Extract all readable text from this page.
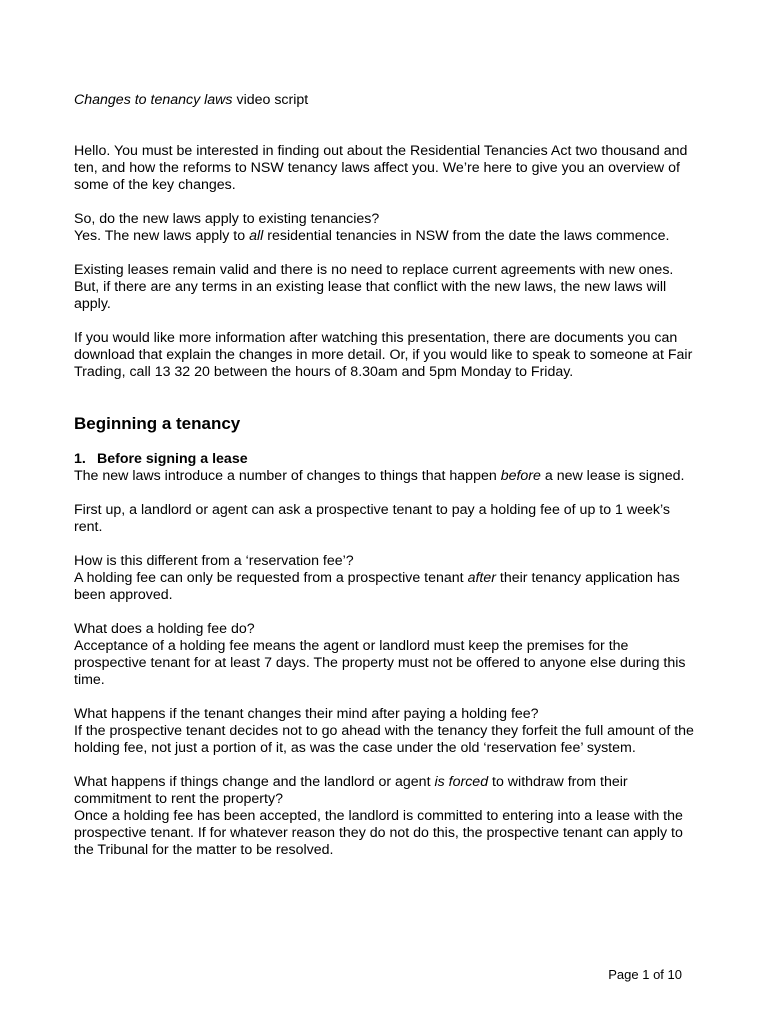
Changes to tenancy laws video script

Hello. You must be interested in finding out about the Residential Tenancies Act two thousand and ten, and how the reforms to NSW tenancy laws affect you. We’re here to give you an overview of some of the key changes.

So, do the new laws apply to existing tenancies?

Yes. The new laws apply to all residential tenancies in NSW from the date the laws commence.

Existing leases remain valid and there is no need to replace current agreements with new ones. But, if there are any terms in an existing lease that conflict with the new laws, the new laws will apply.

If you would like more information after watching this presentation, there are documents you can download that explain the changes in more detail. Or, if you would like to speak to someone at Fair Trading, call 13 32 20 between the hours of 8.30am and 5pm Monday to Friday.

Beginning a tenancy

1. Before signing a lease

The new laws introduce a number of changes to things that happen before a new lease is signed.

First up, a landlord or agent can ask a prospective tenant to pay a holding fee of up to 1 week’s rent.

How is this different from a ‘reservation fee’?

A holding fee can only be requested from a prospective tenant after their tenancy application has been approved.

What does a holding fee do?

Acceptance of a holding fee means the agent or landlord must keep the premises for the prospective tenant for at least 7 days. The property must not be offered to anyone else during this time.

What happens if the tenant changes their mind after paying a holding fee?

If the prospective tenant decides not to go ahead with the tenancy they forfeit the full amount of the holding fee, not just a portion of it, as was the case under the old ‘reservation fee’ system.

What happens if things change and the landlord or agent is forced to withdraw from their commitment to rent the property?

Once a holding fee has been accepted, the landlord is committed to entering into a lease with the prospective tenant. If for whatever reason they do not do this, the prospective tenant can apply to the Tribunal for the matter to be resolved.

Page 1 of 10
